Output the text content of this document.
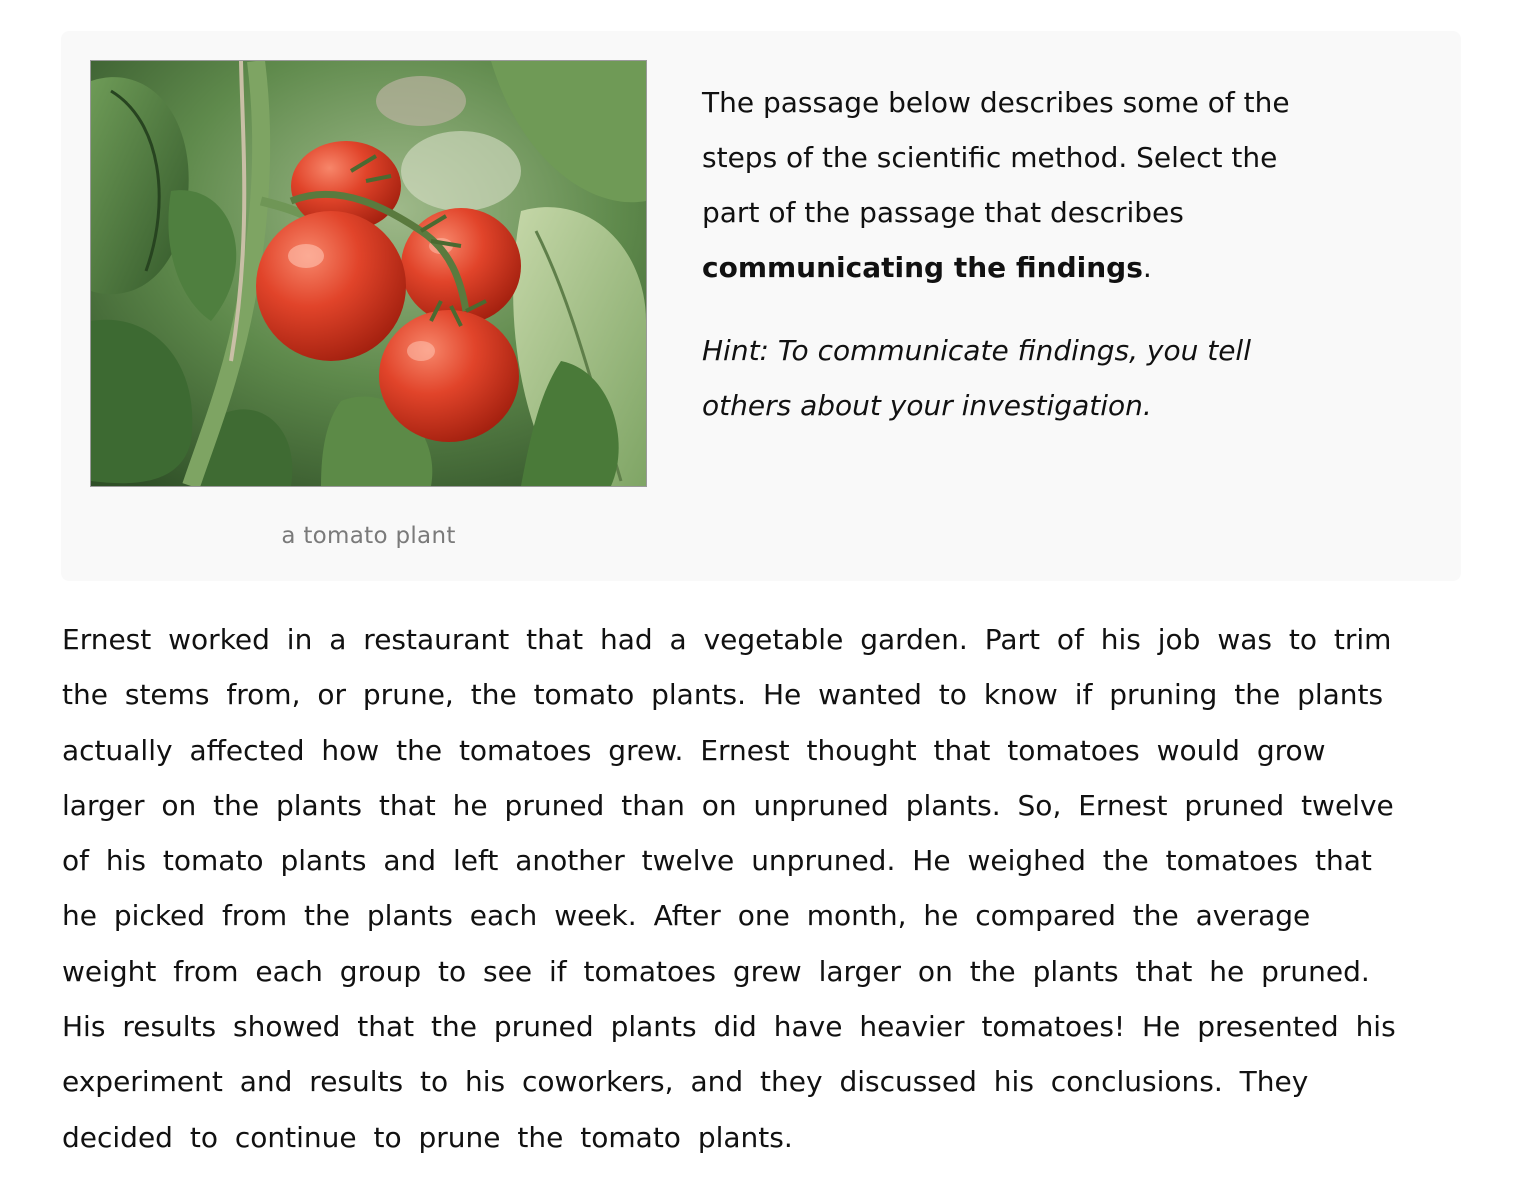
a tomato plant

The passage below describes some of the
steps of the scientific method. Select the
part of the passage that describes
communicating the findings.

Hint: To communicate findings, you tell
others about your investigation.

Ernest worked in a restaurant that had a vegetable garden. Part of his job was to trim
the stems from, or prune, the tomato plants. He wanted to know if pruning the plants
actually affected how the tomatoes grew. Ernest thought that tomatoes would grow
larger on the plants that he pruned than on unpruned plants. So, Ernest pruned twelve
of his tomato plants and left another twelve unpruned. He weighed the tomatoes that
he picked from the plants each week. After one month, he compared the average
weight from each group to see if tomatoes grew larger on the plants that he pruned.
His results showed that the pruned plants did have heavier tomatoes! He presented his
experiment and results to his coworkers, and they discussed his conclusions. They
decided to continue to prune the tomato plants.
